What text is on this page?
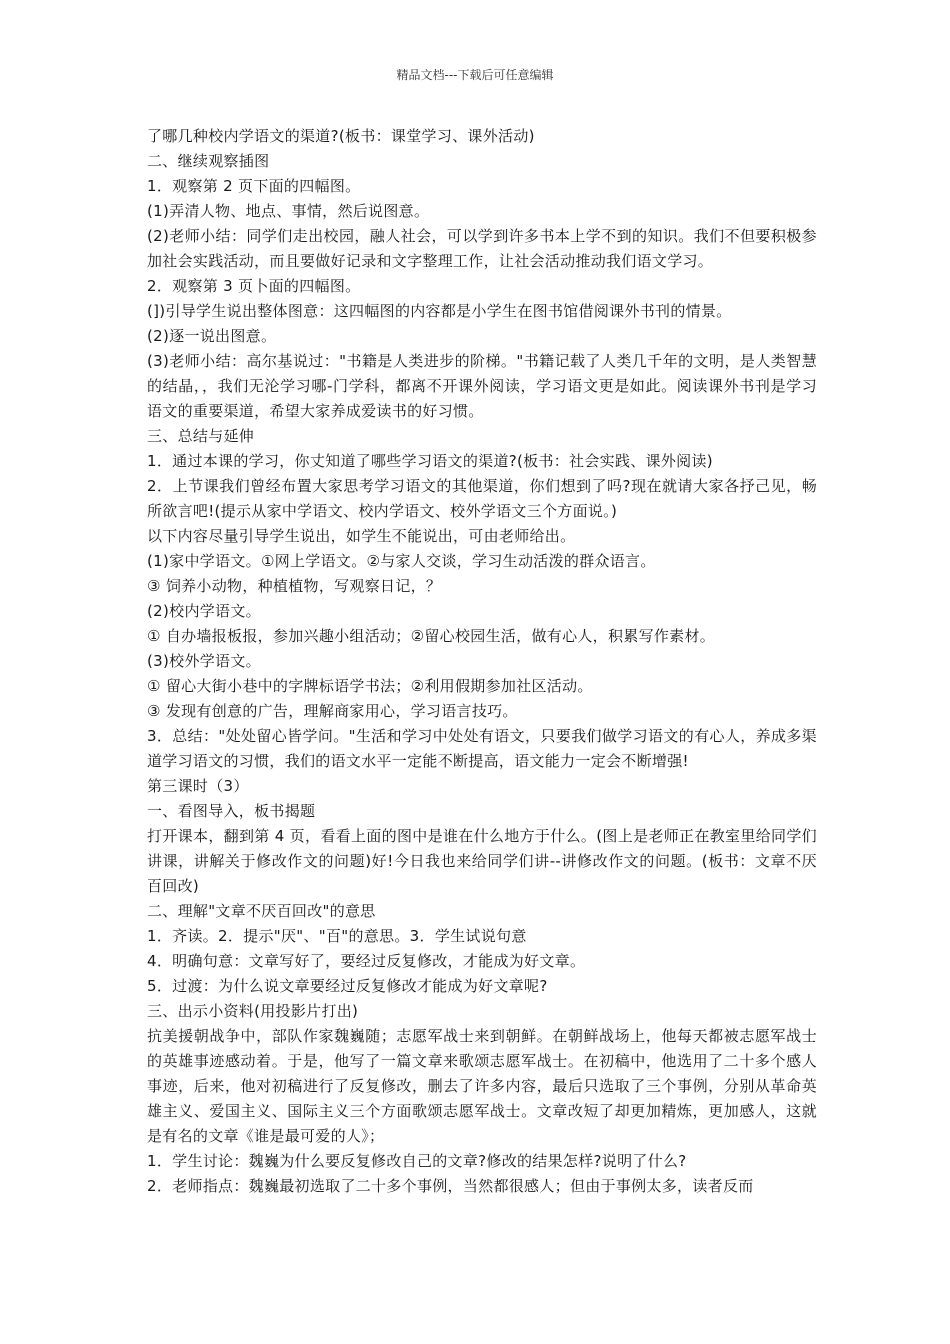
精品文档---下载后可任意编辑

了哪几种校内学语文的渠道?(板书：课堂学习、课外活动)

二、继续观察插图

1．观察第 2 页下面的四幅图。

(1)弄清人物、地点、事情，然后说图意。

(2)老师小结：同学们走出校园，融人社会，可以学到许多书本上学不到的知识。我们不但要积极参加社会实践活动，而且要做好记录和文字整理工作，让社会活动推动我们语文学习。

2．观察第 3 页卜面的四幅图。

(])引导学生说出整体图意：这四幅图的内容都是小学生在图书馆借阅课外书刊的情景。

(2)逐一说出图意。

(3)老师小结：高尔基说过："书籍是人类进步的阶梯。"书籍记载了人类几千年的文明，是人类智慧的结晶，，我们无沦学习哪-门学科，都离不开课外阅读，学习语文更是如此。阅读课外书刊是学习语文的重要渠道，希望大家养成爱读书的好习惯。

三、总结与延伸

1．通过本课的学习，你丈知道了哪些学习语文的渠道?(板书：社会实践、课外阅读)

2．上节课我们曾经布置大家思考学习语文的其他渠道，你们想到了吗?现在就请大家各抒己见，畅所欲言吧!(提示从家中学语文、校内学语文、校外学语文三个方面说。)

以下内容尽量引导学生说出，如学生不能说出，可由老师给出。

(1)家中学语文。①网上学语文。②与家人交谈，学习生动活泼的群众语言。

③ 饲养小动物，种植植物，写观察日记，？

(2)校内学语文。

① 自办墙报板报，参加兴趣小组活动；②留心校园生活，做有心人，积累写作素材。

(3)校外学语文。

① 留心大街小巷中的字牌标语学书法；②利用假期参加社区活动。

③ 发现有创意的广告，理解商家用心，学习语言技巧。

3．总结："处处留心皆学问。"生活和学习中处处有语文，只要我们做学习语文的有心人，养成多渠道学习语文的习惯，我们的语文水平一定能不断提高，语文能力一定会不断增强!

第三课时（3）

一、看图导入，板书揭题

打开课本，翻到第 4 页，看看上面的图中是谁在什么地方于什么。(图上是老师正在教室里给同学们讲课，讲解关于修改作文的问题)好!今日我也来给同学们讲--讲修改作文的问题。(板书：文章不厌百回改)

二、理解"文章不厌百回改"的意思

1．齐读。2．提示"厌"、"百"的意思。3．学生试说句意

4．明确句意：文章写好了，要经过反复修改，才能成为好文章。

5．过渡：为什么说文章要经过反复修改才能成为好文章呢?

三、出示小资料(用投影片打出)

抗美援朝战争中，部队作家魏巍随；志愿军战士来到朝鲜。在朝鲜战场上，他每天都被志愿军战士的英雄事迹感动着。于是，他写了一篇文章来歌颂志愿军战士。在初稿中，他选用了二十多个感人事迹，后来，他对初稿进行了反复修改，删去了许多内容，最后只选取了三个事例，分别从革命英雄主义、爱国主义、国际主义三个方面歌颂志愿军战士。文章改短了却更加精炼，更加感人，这就是有名的文章《谁是最可爱的人》；

1．学生讨论：魏巍为什么要反复修改自己的文章?修改的结果怎样?说明了什么?

2．老师指点：魏巍最初选取了二十多个事例，当然都很感人；但由于事例太多，读者反而
